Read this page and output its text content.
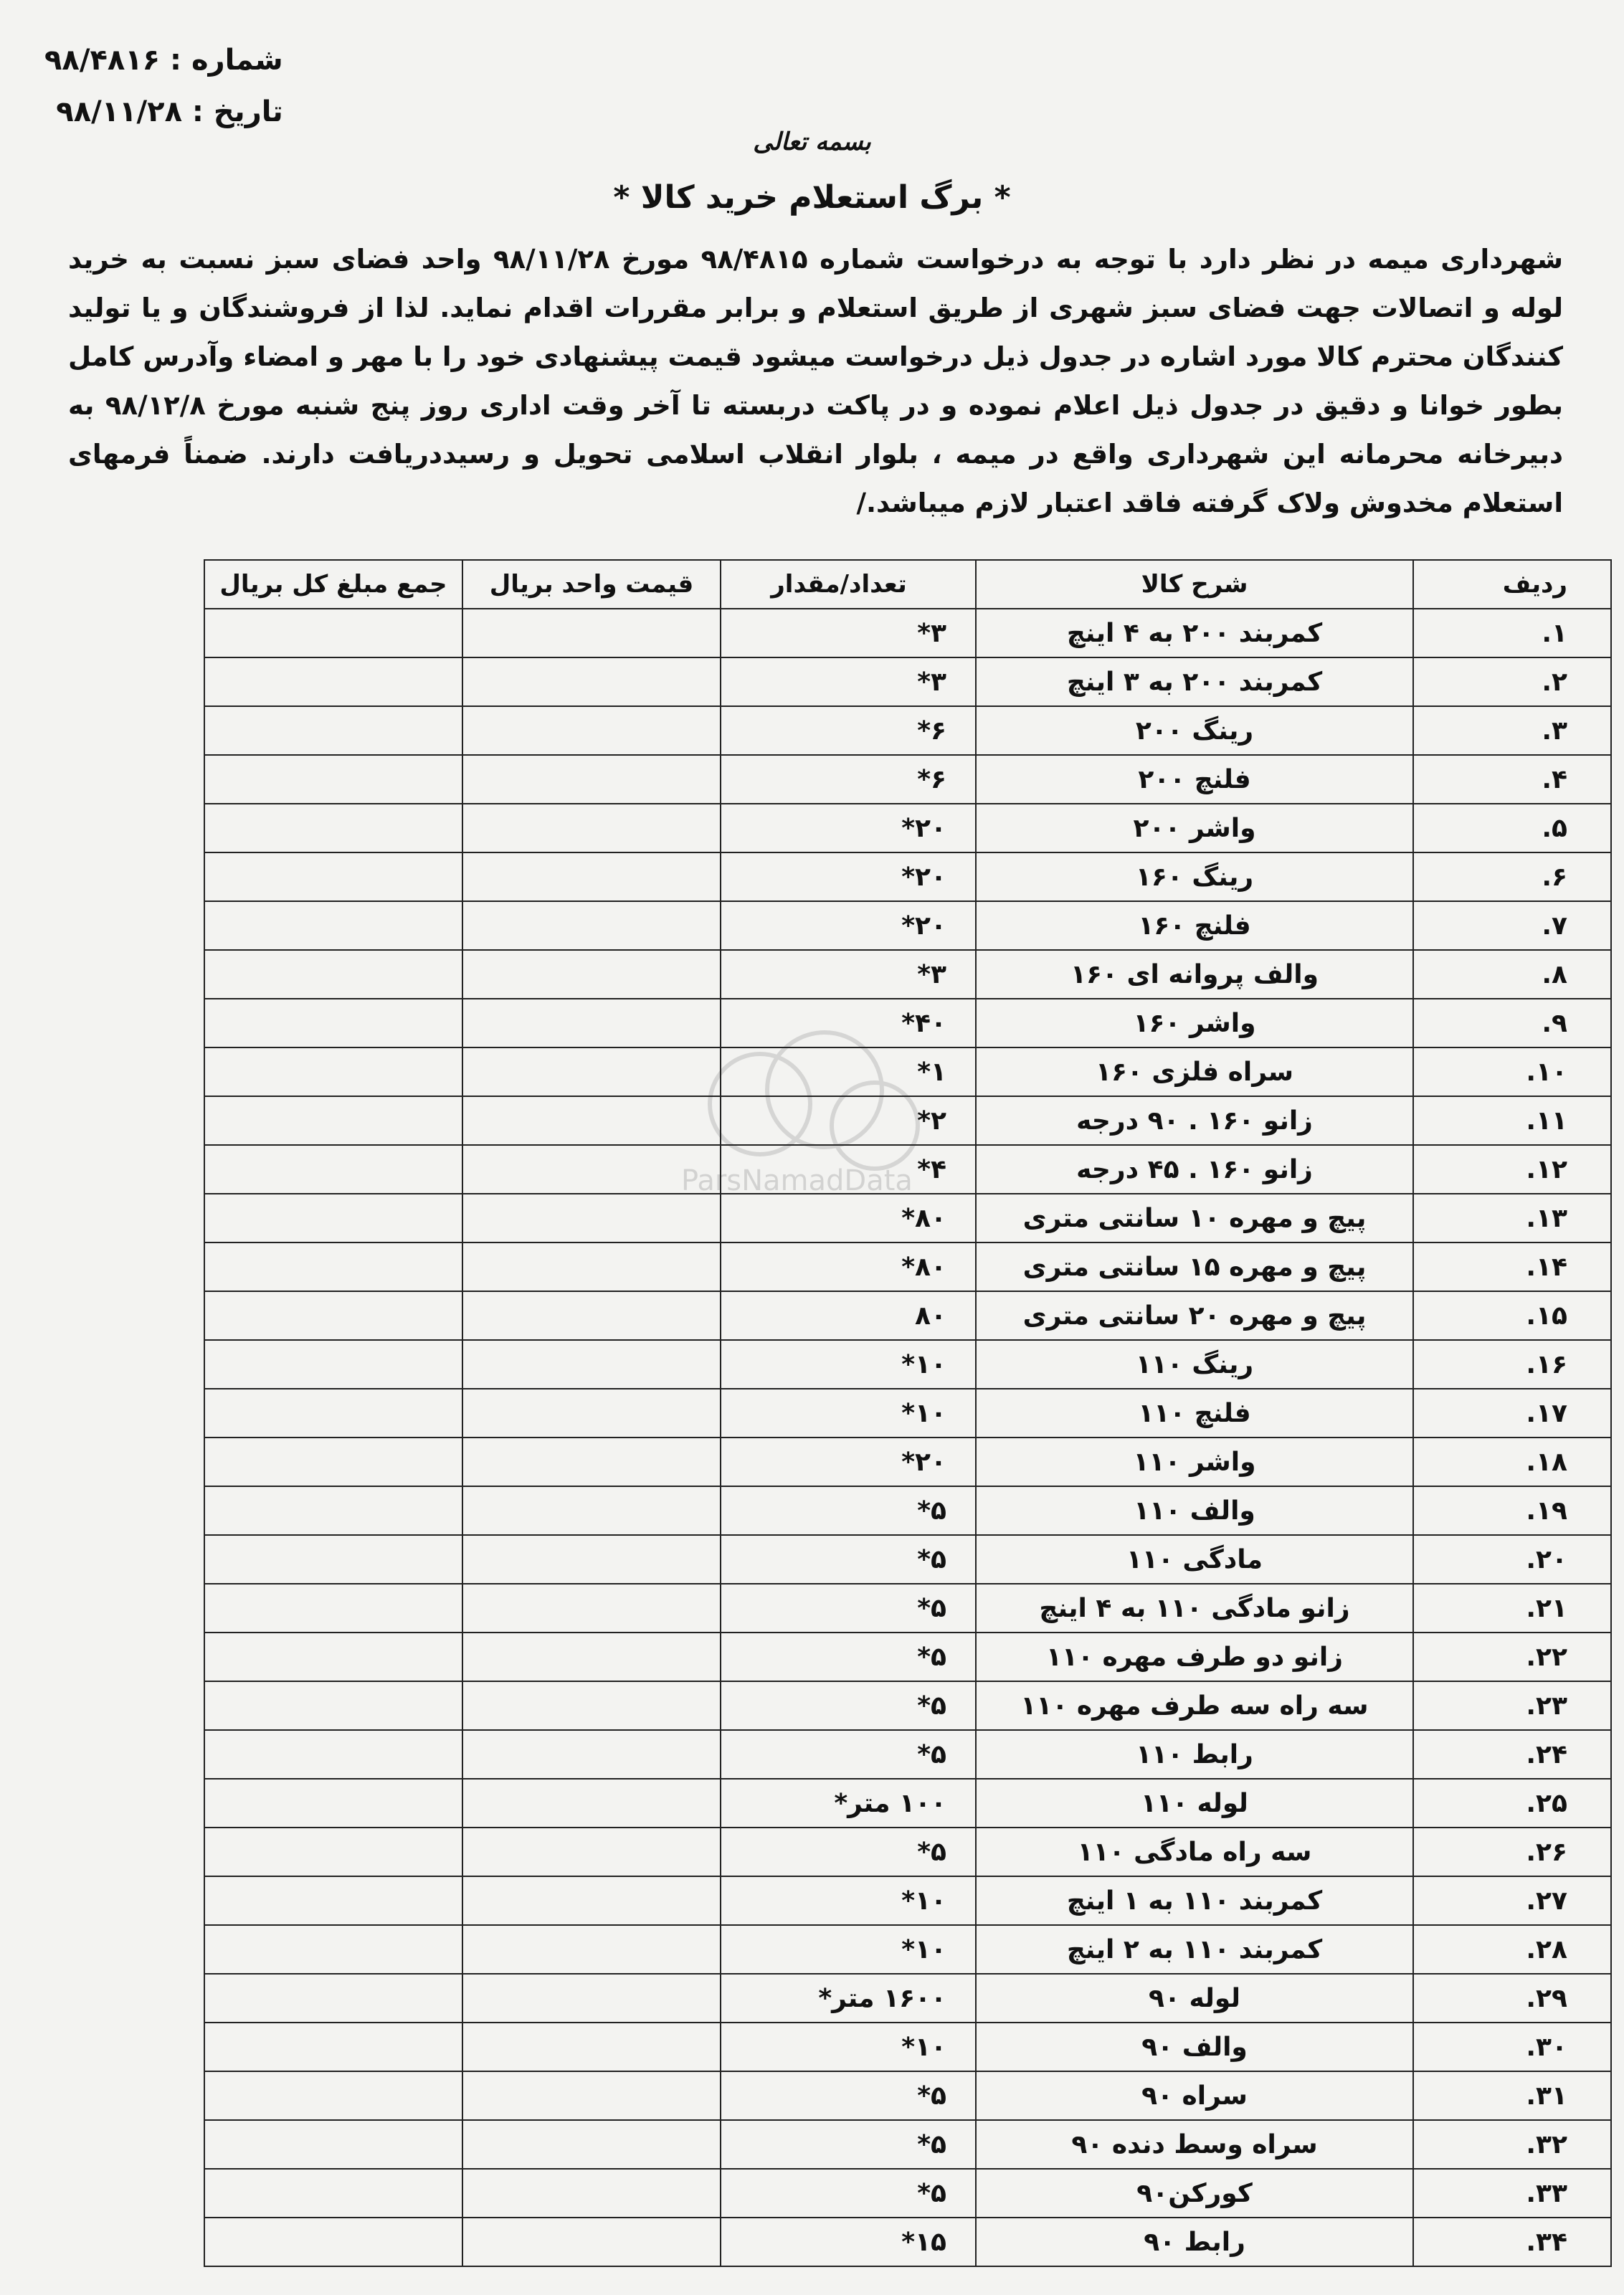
شماره : ۹۸/۴۸۱۶
تاریخ : ۹۸/۱۱/۲۸
بسمه تعالی
* برگ استعلام خرید کالا *
شهرداری میمه در نظر دارد با توجه به درخواست شماره ۹۸/۴۸۱۵ مورخ ۹۸/۱۱/۲۸ واحد فضای سبز نسبت به خرید لوله و اتصالات جهت فضای سبز شهری از طریق استعلام و برابر مقررات اقدام نماید. لذا از فروشندگان و یا تولید کنندگان محترم کالا مورد اشاره در جدول ذیل درخواست میشود قیمت پیشنهادی خود را با مهر و امضاء وآدرس کامل بطور خوانا و دقیق در جدول ذیل اعلام نموده و در پاکت دربسته تا آخر وقت اداری روز پنج شنبه مورخ ۹۸/۱۲/۸ به دبیرخانه محرمانه این شهرداری واقع در میمه ، بلوار انقلاب اسلامی تحویل و رسیددریافت دارند. ضمناً فرمهای استعلام مخدوش ولاک گرفته فاقد اعتبار لازم میباشد./
ParsNamadData
ردیف	شرح کالا	تعداد/مقدار	قیمت واحد بریال	جمع مبلغ کل بریال
۱.	کمربند ۲۰۰ به ۴ اینچ	۳*		
۲.	کمربند ۲۰۰ به ۳ اینچ	۳*		
۳.	رینگ ۲۰۰	۶*		
۴.	فلنچ ۲۰۰	۶*		
۵.	واشر ۲۰۰	۲۰*		
۶.	رینگ ۱۶۰	۲۰*		
۷.	فلنچ ۱۶۰	۲۰*		
۸.	والف پروانه ای ۱۶۰	۳*		
۹.	واشر ۱۶۰	۴۰*		
۱۰.	سراه فلزی ۱۶۰	۱*		
۱۱.	زانو ۱۶۰ . ۹۰ درجه	۲*		
۱۲.	زانو ۱۶۰ . ۴۵ درجه	۴*		
۱۳.	پیچ و مهره ۱۰ سانتی متری	۸۰*		
۱۴.	پیچ و مهره ۱۵ سانتی متری	۸۰*		
۱۵.	پیچ و مهره ۲۰ سانتی متری	۸۰		
۱۶.	رینگ ۱۱۰	۱۰*		
۱۷.	فلنچ ۱۱۰	۱۰*		
۱۸.	واشر ۱۱۰	۲۰*		
۱۹.	والف ۱۱۰	۵*		
۲۰.	مادگی ۱۱۰	۵*		
۲۱.	زانو مادگی ۱۱۰ به ۴ اینچ	۵*		
۲۲.	زانو دو طرف مهره ۱۱۰	۵*		
۲۳.	سه راه سه طرف مهره ۱۱۰	۵*		
۲۴.	رابط ۱۱۰	۵*		
۲۵.	لوله ۱۱۰	۱۰۰ متر*		
۲۶.	سه راه مادگی ۱۱۰	۵*		
۲۷.	کمربند ۱۱۰ به ۱ اینچ	۱۰*		
۲۸.	کمربند ۱۱۰ به ۲ اینچ	۱۰*		
۲۹.	لوله ۹۰	۱۶۰۰ متر*		
۳۰.	والف ۹۰	۱۰*		
۳۱.	سراه ۹۰	۵*		
۳۲.	سراه وسط دنده ۹۰	۵*		
۳۳.	کورکن۹۰	۵*		
۳۴.	رابط ۹۰	۱۵*		
